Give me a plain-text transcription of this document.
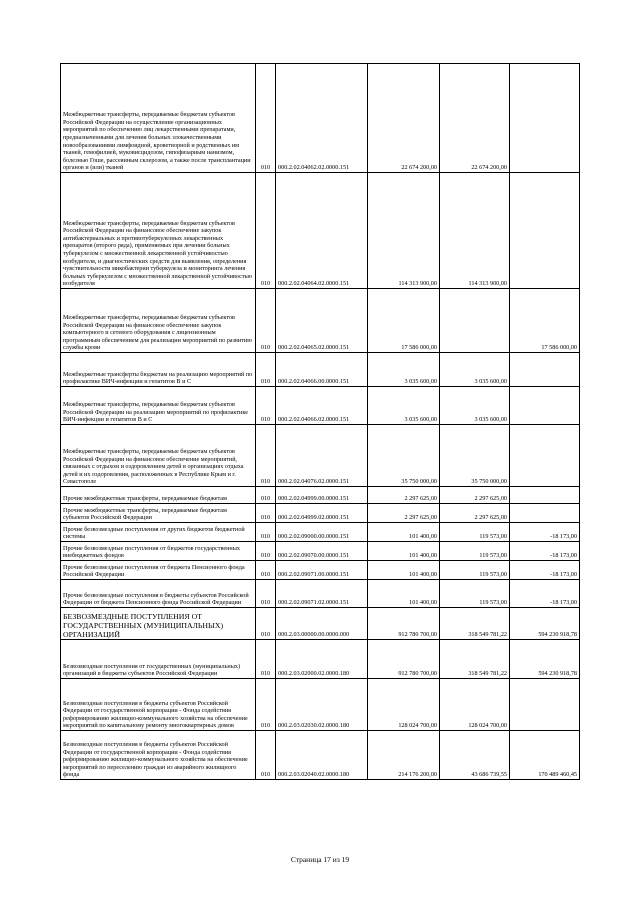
Межбюджетные трансферты, передаваемые бюджетам субъектов Российской Федерации на осуществление организационных мероприятий по обеспечению лиц лекарственными препаратами, предназначенными для лечения больных злокачественными новообразованиями лимфоидной, кроветворной и родственных им тканей, гемофилией, муковисцидозом, гипофизарным нанизмом, болезнью Гоше, рассеянным склерозом, а также после трансплантации органов и (или) тканей	010	000.2.02.04062.02.0000.151	22 674 200,00	22 674 200,00	
Межбюджетные трансферты, передаваемые бюджетам субъектов Российской Федерации на финансовое обеспечение закупок антибактериальных и противотуберкулезных лекарственных препаратов (второго ряда), применяемых при лечении больных туберкулезом с множественной лекарственной устойчивостью возбудителя, и диагностических средств для выявления, определения чувствительности микобактерии туберкулеза и мониторинга лечения больных туберкулезом с множественной лекарственной устойчивостью возбудителя	010	000.2.02.04064.02.0000.151	114 313 900,00	114 313 900,00	
Межбюджетные трансферты, передаваемые бюджетам субъектов Российской Федерации на финансовое обеспечение закупок компьютерного и сетевого оборудования с лицензионным программным обеспечением для реализации мероприятий по развитию службы крови	010	000.2.02.04065.02.0000.151	17 586 000,00		17 586 000,00
Межбюджетные трансферты бюджетам на реализацию мероприятий по профилактике ВИЧ-инфекции и гепатитов В и С	010	000.2.02.04066.00.0000.151	3 035 600,00	3 035 600,00	
Межбюджетные трансферты, передаваемые бюджетам субъектов Российской Федерации на реализацию мероприятий по профилактике ВИЧ-инфекции и гепатитов В и С	010	000.2.02.04066.02.0000.151	3 035 600,00	3 035 600,00	
Межбюджетные трансферты, передаваемые бюджетам субъектов Российской Федерации на финансовое обеспечение мероприятий, связанных с отдыхом и оздоровлением детей в организациях отдыха детей и их оздоровления, расположенных в Республике Крым и г. Севастополе	010	000.2.02.04076.02.0000.151	35 750 000,00	35 750 000,00	
Прочие межбюджетные трансферты, передаваемые бюджетам	010	000.2.02.04999.00.0000.151	2 297 625,00	2 297 625,00	
Прочие межбюджетные трансферты, передаваемые бюджетам субъектов Российской Федерации	010	000.2.02.04999.02.0000.151	2 297 625,00	2 297 625,00	
Прочие безвозмездные поступления от других бюджетов бюджетной системы	010	000.2.02.09000.00.0000.151	101 400,00	119 573,00	-18 173,00
Прочие безвозмездные поступления от бюджетов государственных внебюджетных фондов	010	000.2.02.09070.00.0000.151	101 400,00	119 573,00	-18 173,00
Прочие безвозмездные поступления от бюджета Пенсионного фонда Российской Федерации	010	000.2.02.09071.00.0000.151	101 400,00	119 573,00	-18 173,00
Прочие безвозмездные поступления в бюджеты субъектов Российской Федерации от бюджета Пенсионного фонда Российской Федерации	010	000.2.02.09071.02.0000.151	101 400,00	119 573,00	-18 173,00
БЕЗВОЗМЕЗДНЫЕ ПОСТУПЛЕНИЯ ОТ ГОСУДАРСТВЕННЫХ (МУНИЦИПАЛЬНЫХ) ОРГАНИЗАЦИЙ	010	000.2.03.00000.00.0000.000	912 780 700,00	318 549 781,22	594 230 918,78
Безвозмездные поступления от государственных (муниципальных) организаций в бюджеты субъектов Российской Федерации	010	000.2.03.02000.02.0000.180	912 780 700,00	318 549 781,22	594 230 918,78
Безвозмездные поступления в бюджеты субъектов Российской Федерации от государственной корпорации - Фонда содействия реформированию жилищно-коммунального хозяйства на обеспечение мероприятий по капитальному ремонту многоквартирных домов	010	000.2.03.02030.02.0000.180	128 024 700,00	128 024 700,00	
Безвозмездные поступления в бюджеты субъектов Российской Федерации от государственной корпорации - Фонда содействия реформированию жилищно-коммунального хозяйства на обеспечение мероприятий по переселению граждан из аварийного жилищного фонда	010	000.2.03.02040.02.0000.180	214 176 200,00	43 686 739,55	170 489 460,45
Страница 17 из 19
